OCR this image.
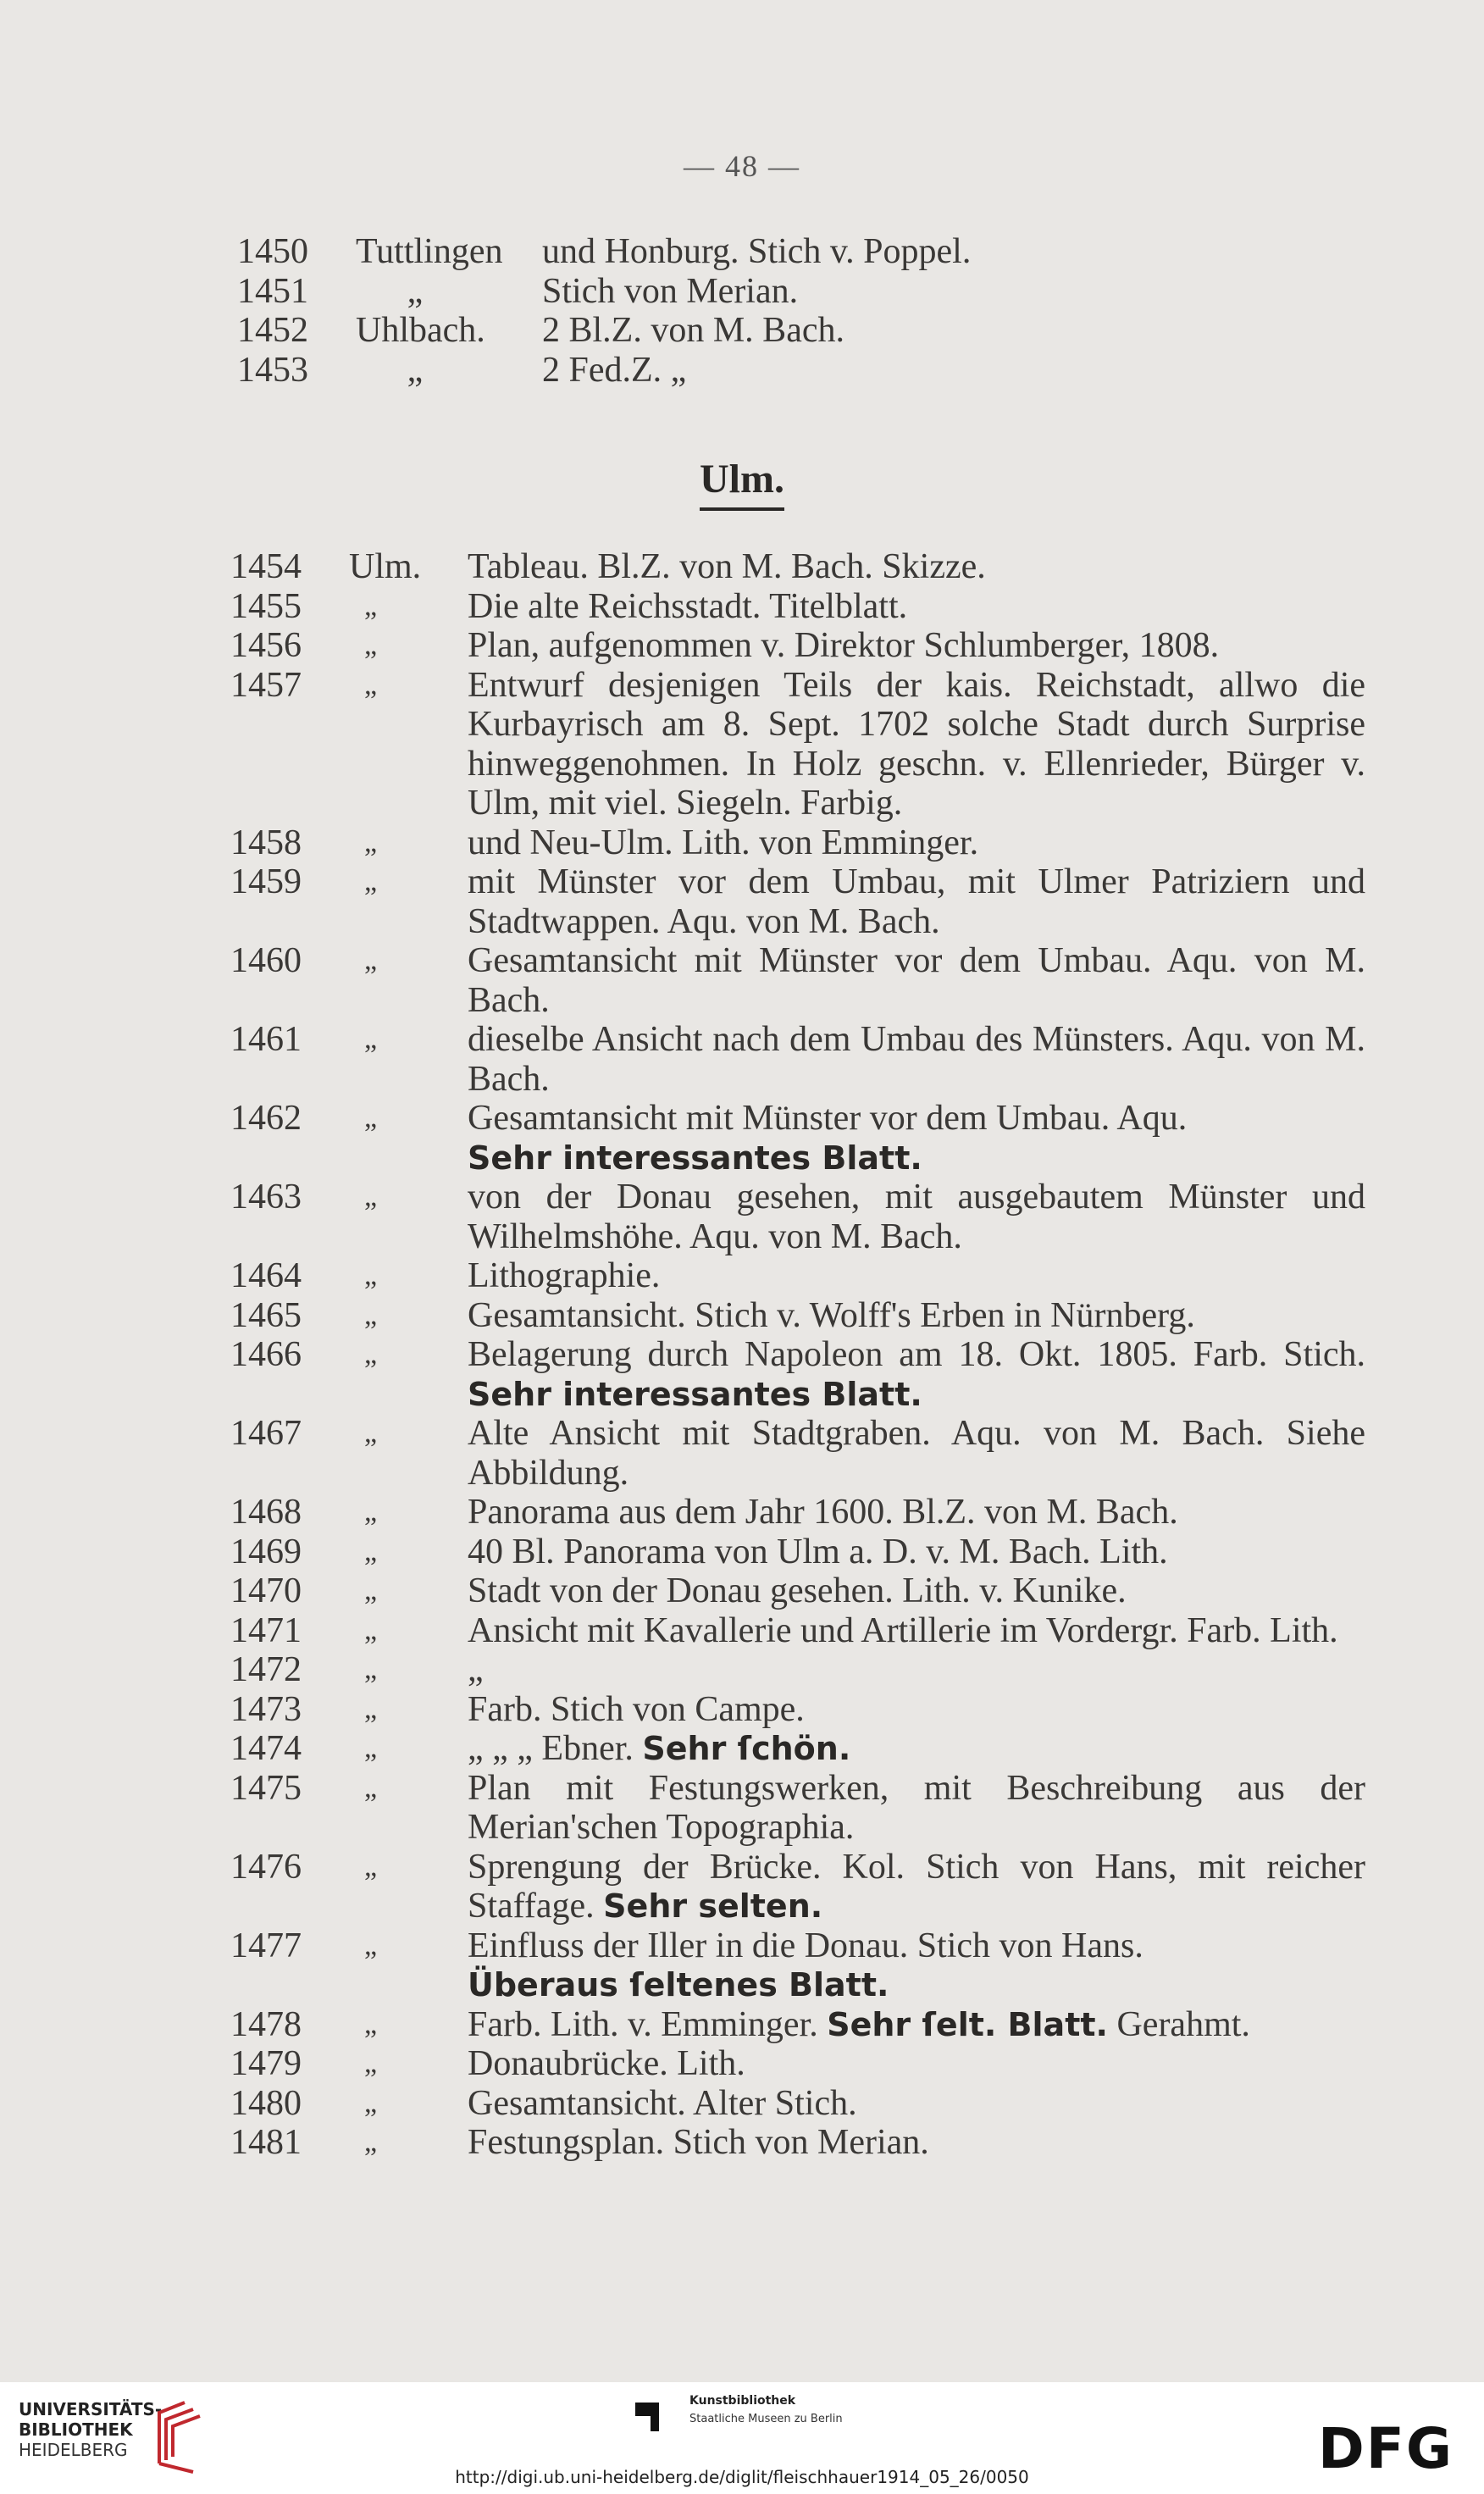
— 48 —
1450	Tuttlingen	und Honburg. Stich v. Poppel.
1451	„	Stich von Merian.
1452	Uhlbach.	2 Bl.Z. von M. Bach.
1453	„	2 Fed.Z. „
Ulm.
1454	Ulm.	Tableau. Bl.Z. von M. Bach. Skizze.
1455	„	Die alte Reichsstadt. Titelblatt.
1456	„	Plan, aufgenommen v. Direktor Schlumberger, 1808.
1457	„	Entwurf desjenigen Teils der kais. Reichstadt, allwo die Kurbayrisch am 8. Sept. 1702 solche Stadt durch Surprise hinweggenohmen. In Holz geschn. v. Ellenrieder, Bürger v. Ulm, mit viel. Siegeln. Farbig.
1458	„	und Neu-Ulm. Lith. von Emminger.
1459	„	mit Münster vor dem Umbau, mit Ulmer Patriziern und Stadtwappen. Aqu. von M. Bach.
1460	„	Gesamtansicht mit Münster vor dem Umbau. Aqu. von M. Bach.
1461	„	dieselbe Ansicht nach dem Umbau des Münsters. Aqu. von M. Bach.
1462	„	Gesamtansicht mit Münster vor dem Umbau. Aqu.
Sehr interessantes Blatt.
1463	„	von der Donau gesehen, mit ausgebautem Münster und Wilhelmshöhe. Aqu. von M. Bach.
1464	„	Lithographie.
1465	„	Gesamtansicht. Stich v. Wolff's Erben in Nürnberg.
1466	„	Belagerung durch Napoleon am 18. Okt. 1805. Farb. Stich. Sehr interessantes Blatt.
1467	„	Alte Ansicht mit Stadtgraben. Aqu. von M. Bach. Siehe Abbildung.
1468	„	Panorama aus dem Jahr 1600. Bl.Z. von M. Bach.
1469	„	40 Bl. Panorama von Ulm a. D. v. M. Bach. Lith.
1470	„	Stadt von der Donau gesehen. Lith. v. Kunike.
1471	„	Ansicht mit Kavallerie und Artillerie im Vordergr. Farb. Lith.
1472	„	„
1473	„	Farb. Stich von Campe.
1474	„	„ „ „ Ebner. Sehr ſchön.
1475	„	Plan mit Festungswerken, mit Beschreibung aus der Merian'schen Topographia.
1476	„	Sprengung der Brücke. Kol. Stich von Hans, mit reicher Staffage. Sehr selten.
1477	„	Einfluss der Iller in die Donau. Stich von Hans.
Überaus ſeltenes Blatt.
1478	„	Farb. Lith. v. Emminger. Sehr ſelt. Blatt. Gerahmt.
1479	„	Donaubrücke. Lith.
1480	„	Gesamtansicht. Alter Stich.
1481	„	Festungsplan. Stich von Merian.
UNIVERSITÄTS-
BIBLIOTHEK
HEIDELBERG
Kunstbibliothek
Staatliche Museen zu Berlin	DFG
http://digi.ub.uni-heidelberg.de/diglit/fleischhauer1914_05_26/0050
